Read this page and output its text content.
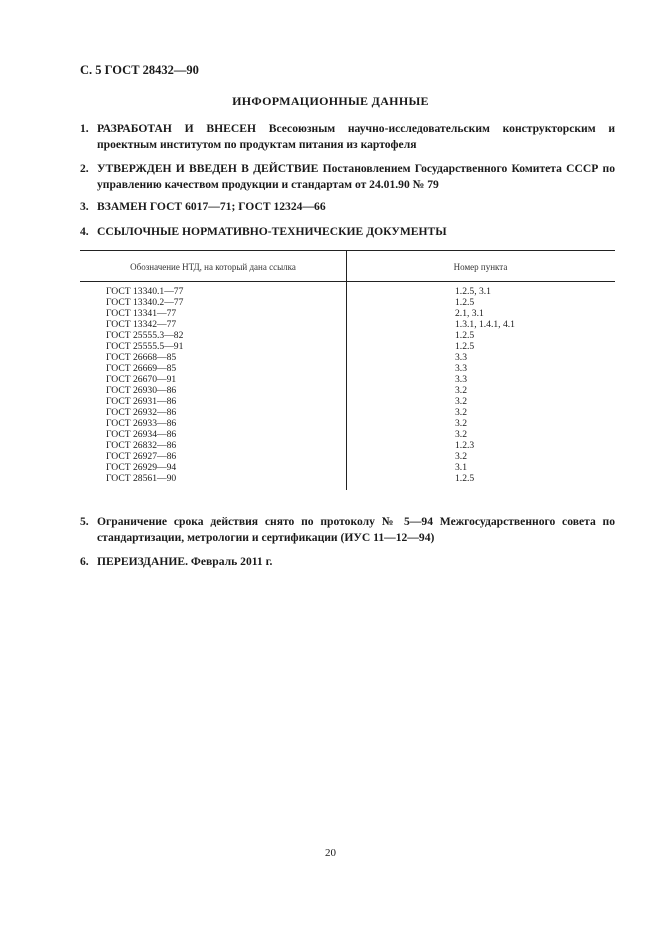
С. 5 ГОСТ 28432—90
ИНФОРМАЦИОННЫЕ ДАННЫЕ
1. РАЗРАБОТАН И ВНЕСЕН Всесоюзным научно-исследовательским конструкторским и проектным институтом по продуктам питания из картофеля
2. УТВЕРЖДЕН И ВВЕДЕН В ДЕЙСТВИЕ Постановлением Государственного Комитета СССР по управлению качеством продукции и стандартам от 24.01.90 № 79
3. ВЗАМЕН ГОСТ 6017—71; ГОСТ 12324—66
4. ССЫЛОЧНЫЕ НОРМАТИВНО-ТЕХНИЧЕСКИЕ ДОКУМЕНТЫ
Обозначение НТД, на который дана ссылка	Номер пункта
ГОСТ 13340.1—77	1.2.5, 3.1
ГОСТ 13340.2—77	1.2.5
ГОСТ 13341—77	2.1, 3.1
ГОСТ 13342—77	1.3.1, 1.4.1, 4.1
ГОСТ 25555.3—82	1.2.5
ГОСТ 25555.5—91	1.2.5
ГОСТ 26668—85	3.3
ГОСТ 26669—85	3.3
ГОСТ 26670—91	3.3
ГОСТ 26930—86	3.2
ГОСТ 26931—86	3.2
ГОСТ 26932—86	3.2
ГОСТ 26933—86	3.2
ГОСТ 26934—86	3.2
ГОСТ 26832—86	1.2.3
ГОСТ 26927—86	3.2
ГОСТ 26929—94	3.1
ГОСТ 28561—90	1.2.5
5. Ограничение срока действия снято по протоколу № 5—94 Межгосударственного совета по стандартизации, метрологии и сертификации (ИУС 11—12—94)
6. ПЕРЕИЗДАНИЕ. Февраль 2011 г.
20
